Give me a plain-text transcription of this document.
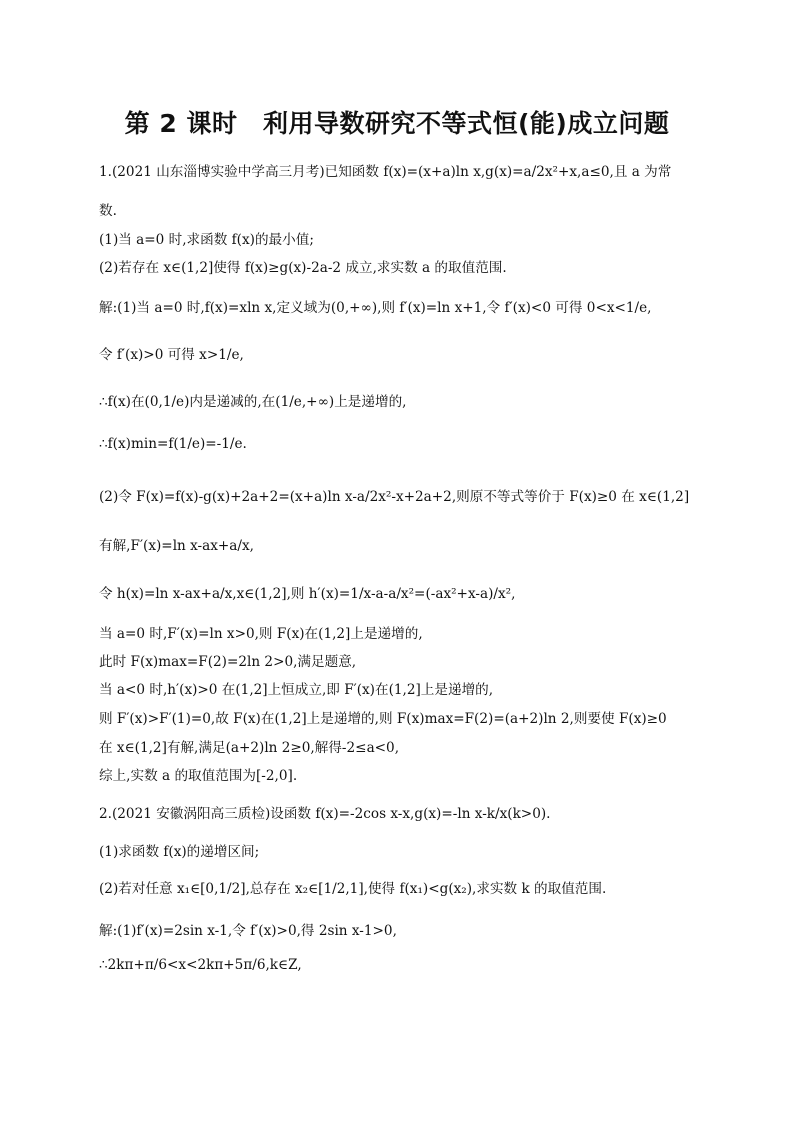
第 2 课时　利用导数研究不等式恒(能)成立问题
1.(2021 山东淄博实验中学高三月考)已知函数 f(x)=(x+a)ln x,g(x)=a/2x²+x,a≤0,且 a 为常
数.
(1)当 a=0 时,求函数 f(x)的最小值;
(2)若存在 x∈(1,2]使得 f(x)≥g(x)-2a-2 成立,求实数 a 的取值范围.
解:(1)当 a=0 时,f(x)=xln x,定义域为(0,+∞),则 f′(x)=ln x+1,令 f′(x)<0 可得 0<x<1/e,
令 f′(x)>0 可得 x>1/e,
∴f(x)在(0,1/e)内是递减的,在(1/e,+∞)上是递增的,
∴f(x)min=f(1/e)=-1/e.
(2)令 F(x)=f(x)-g(x)+2a+2=(x+a)ln x-a/2x²-x+2a+2,则原不等式等价于 F(x)≥0 在 x∈(1,2]
有解,F′(x)=ln x-ax+a/x,
令 h(x)=ln x-ax+a/x,x∈(1,2],则 h′(x)=1/x-a-a/x²=(-ax²+x-a)/x²,
当 a=0 时,F′(x)=ln x>0,则 F(x)在(1,2]上是递增的,
此时 F(x)max=F(2)=2ln 2>0,满足题意,
当 a<0 时,h′(x)>0 在(1,2]上恒成立,即 F′(x)在(1,2]上是递增的,
则 F′(x)>F′(1)=0,故 F(x)在(1,2]上是递增的,则 F(x)max=F(2)=(a+2)ln 2,则要使 F(x)≥0
在 x∈(1,2]有解,满足(a+2)ln 2≥0,解得-2≤a<0,
综上,实数 a 的取值范围为[-2,0].
2.(2021 安徽涡阳高三质检)设函数 f(x)=-2cos x-x,g(x)=-ln x-k/x(k>0).
(1)求函数 f(x)的递增区间;
(2)若对任意 x₁∈[0,1/2],总存在 x₂∈[1/2,1],使得 f(x₁)<g(x₂),求实数 k 的取值范围.
解:(1)f′(x)=2sin x-1,令 f′(x)>0,得 2sin x-1>0,
∴2kπ+π/6<x<2kπ+5π/6,k∈Z,
